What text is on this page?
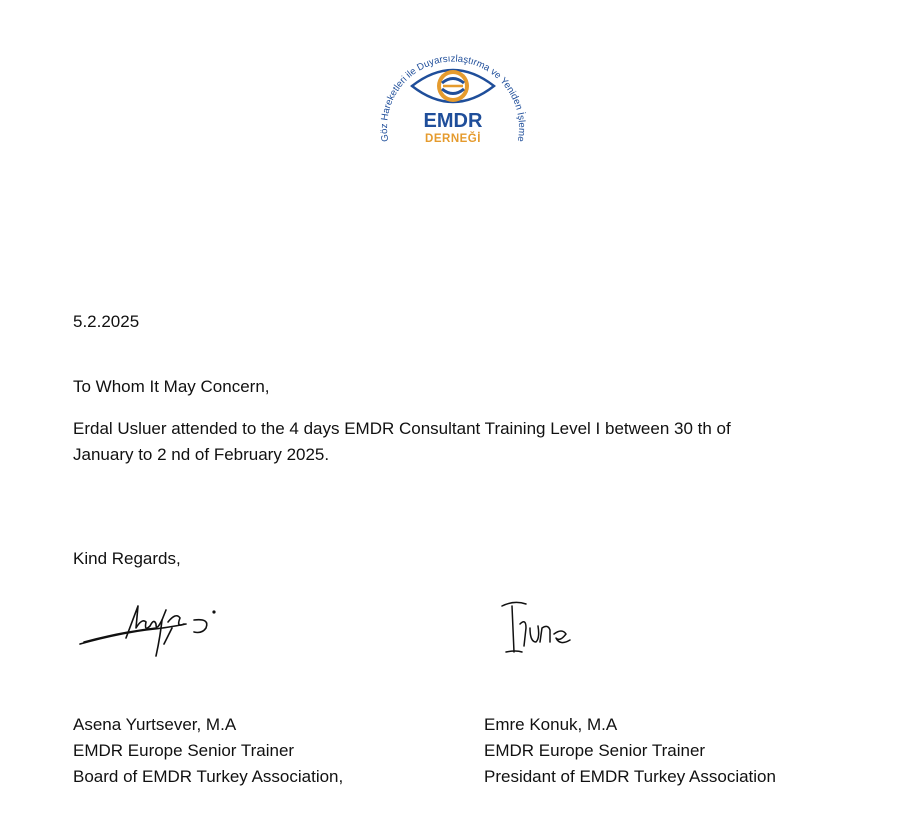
Göz Hareketleri ile Duyarsızlaştırma ve Yeniden İşleme
EMDR
DERNEĞİ
5.2.2025
To Whom It May Concern,
Erdal Usluer attended to the 4 days EMDR Consultant Training Level I between 30 th of
January to 2 nd of February 2025.
Kind Regards,
Asena Yurtsever, M.A
EMDR Europe Senior Trainer
Board of EMDR Turkey Association,
Emre Konuk, M.A
EMDR Europe Senior Trainer
Presidant of EMDR Turkey Association
